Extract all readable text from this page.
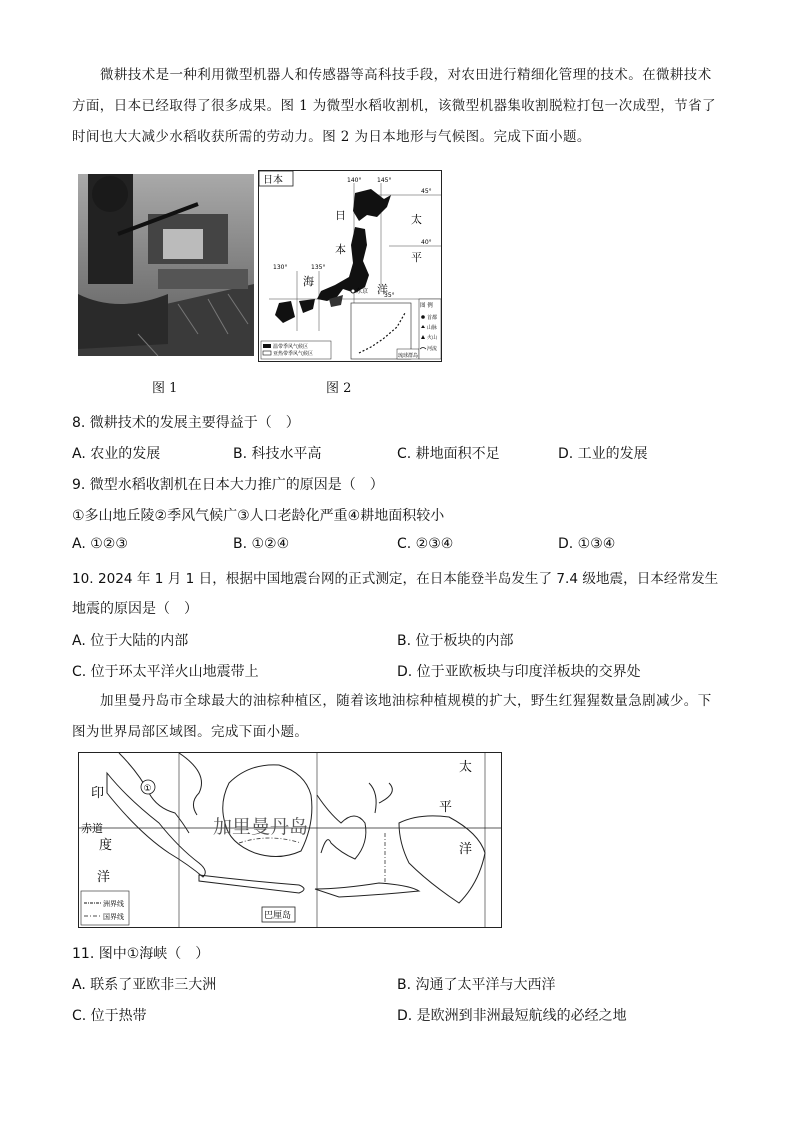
微耕技术是一种利用微型机器人和传感器等高科技手段，对农田进行精细化管理的技术。在微耕技术方面，日本已经取得了很多成果。图 1 为微型水稻收割机，该微型机器集收割脱粒打包一次成型，节省了时间也大大减少水稻收获所需的劳动力。图 2 为日本地形与气候图。完成下面小题。
图 1
日本	140°	145°
130°	135°
45°
40°
35°
东京
日
本
海
太
平
洋
温带季风气候区
亚热带季风气候区	琉球群岛
图 例
首都
山脉
火山
河流
图 2
8. 微耕技术的发展主要得益于（　）
A. 农业的发展	B. 科技水平高	C. 耕地面积不足	D. 工业的发展
9. 微型水稻收割机在日本大力推广的原因是（　）
①多山地丘陵②季风气候广③人口老龄化严重④耕地面积较小
A. ①②③	B. ①②④	C. ②③④	D. ①③④
10. 2024 年 1 月 1 日，根据中国地震台网的正式测定，在日本能登半岛发生了 7.4 级地震，日本经常发生
地震的原因是（　）
A. 位于大陆的内部	B. 位于板块的内部
C. 位于环太平洋火山地震带上	D. 位于亚欧板块与印度洋板块的交界处
加里曼丹岛市全球最大的油棕种植区，随着该地油棕种植规模的扩大，野生红猩猩数量急剧减少。下图为世界局部区域图。完成下面小题。
①
印
度
洋
太
平
洋
赤道	加里曼丹岛
巴厘岛
洲界线
国界线
11. 图中①海峡（　）
A. 联系了亚欧非三大洲	B. 沟通了太平洋与大西洋
C. 位于热带	D. 是欧洲到非洲最短航线的必经之地
